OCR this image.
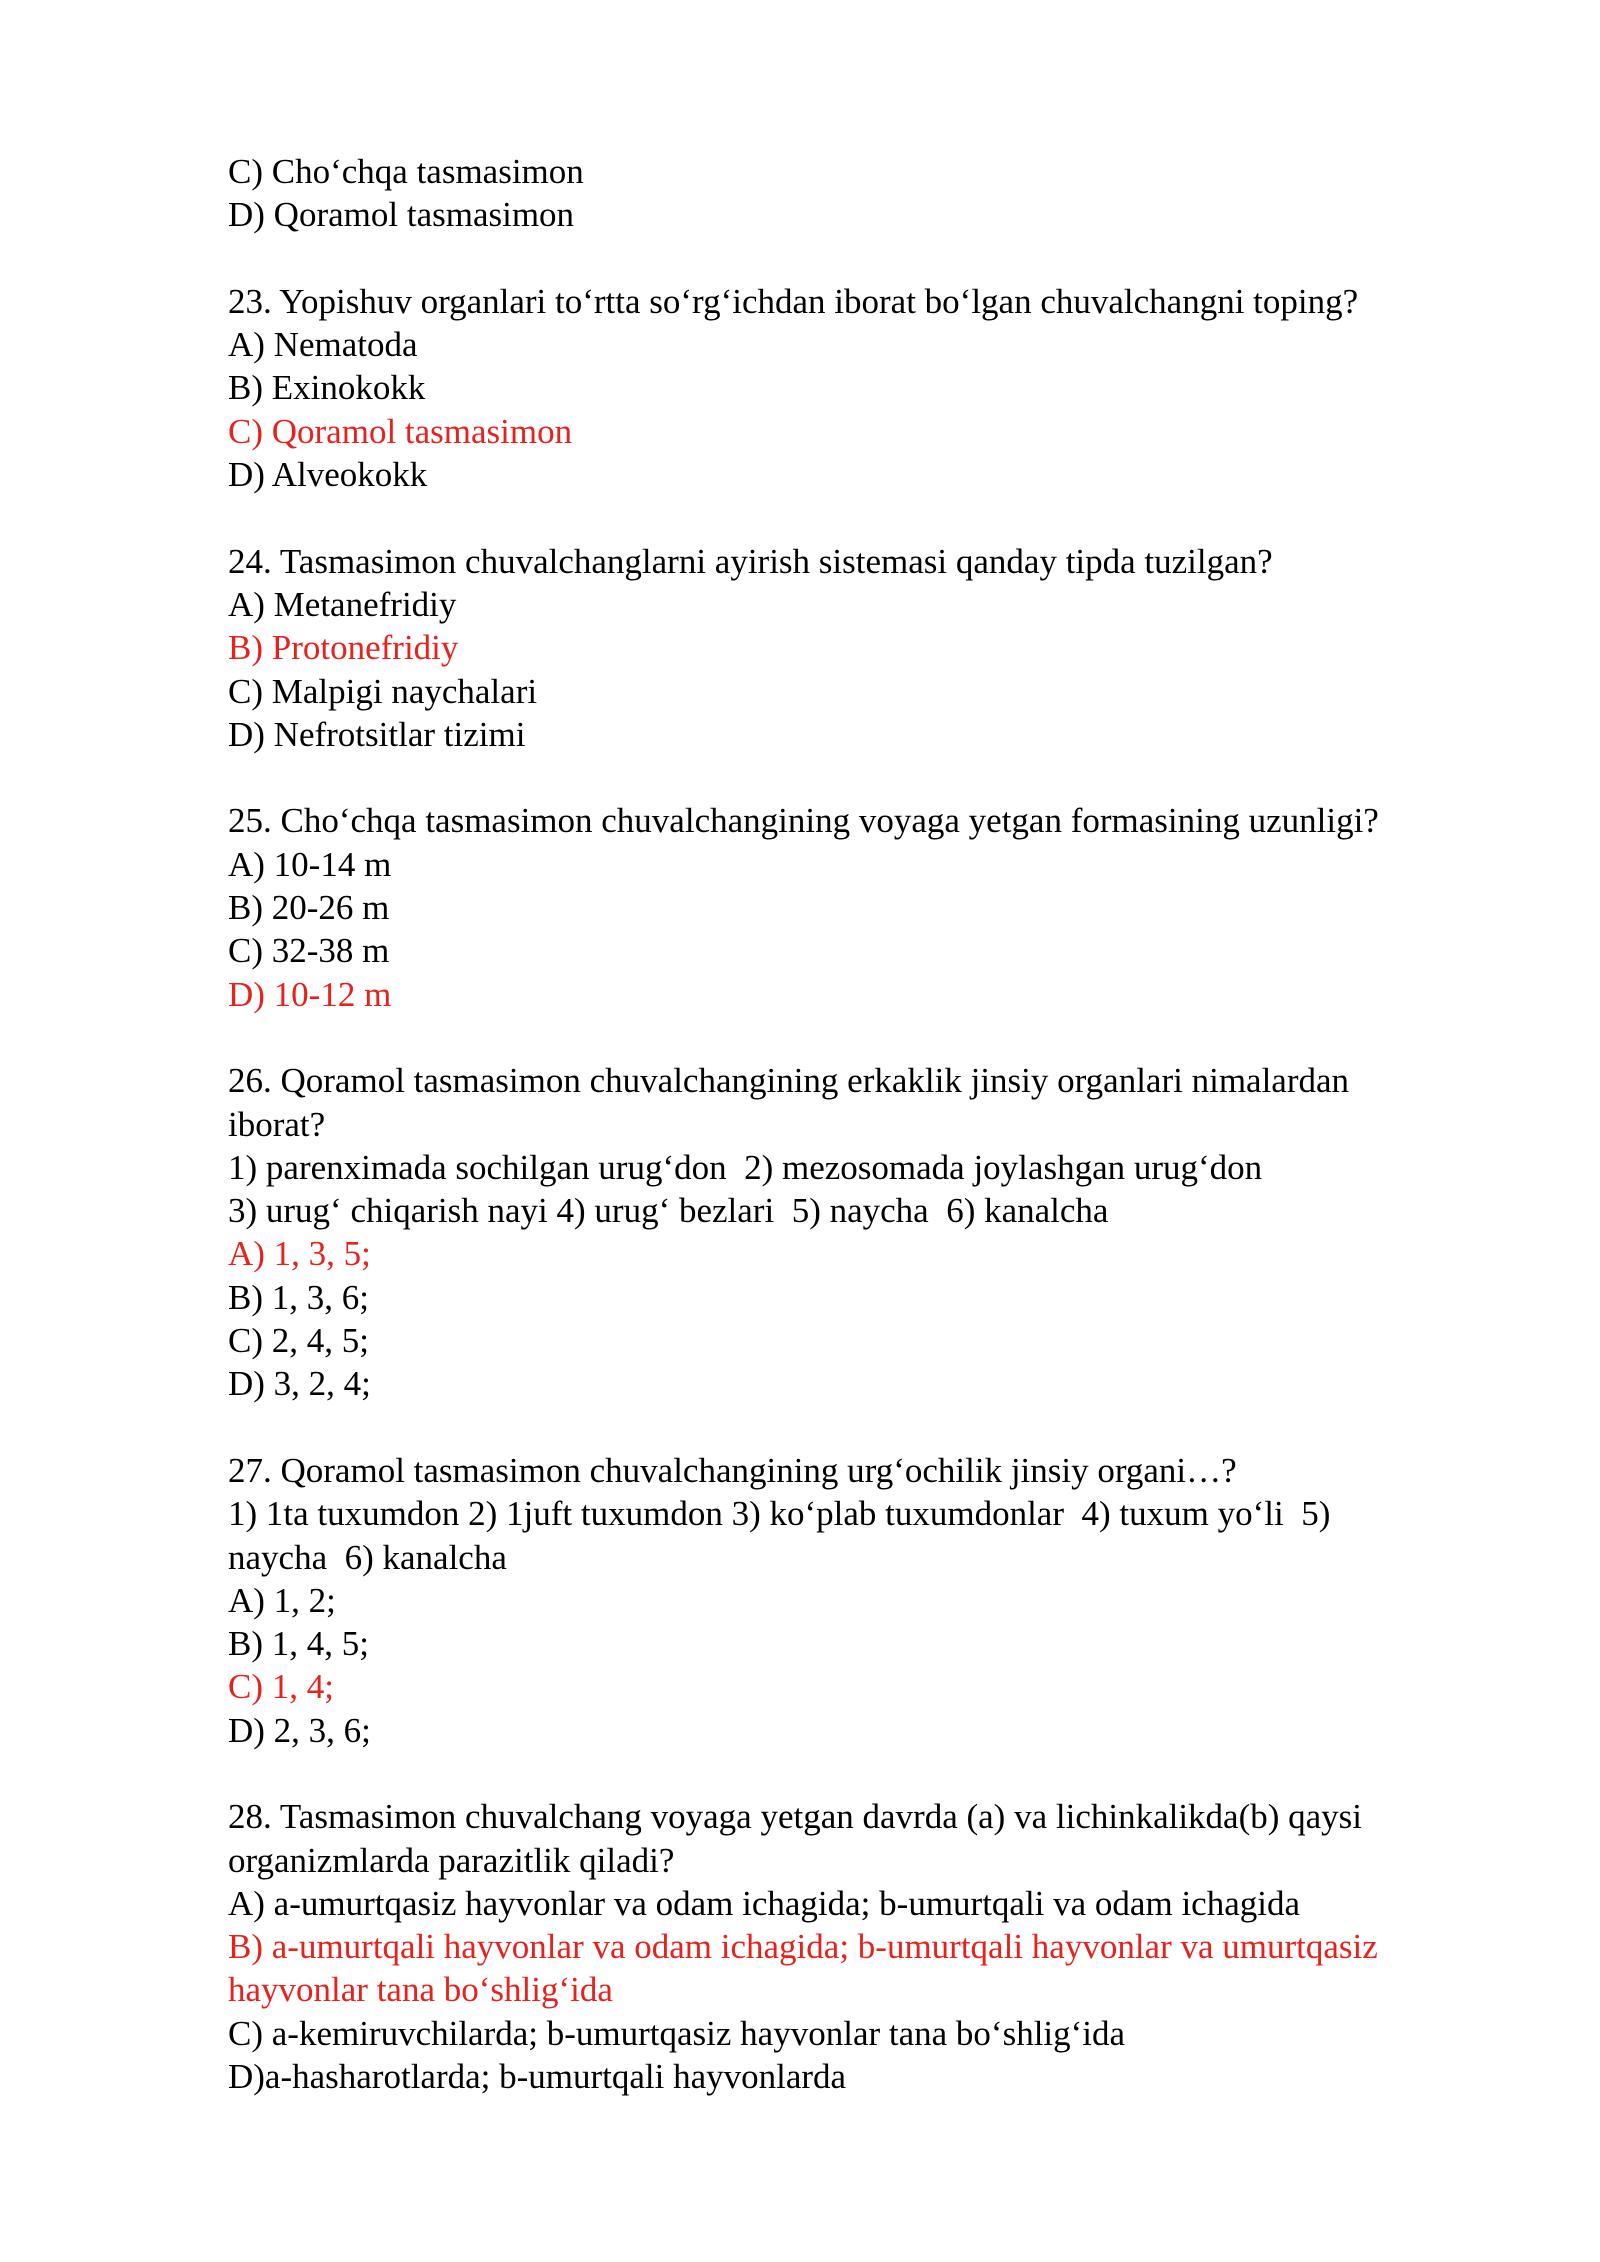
C) Cho‘chqa tasmasimon
D) Qoramol tasmasimon
23. Yopishuv organlari to‘rtta so‘rg‘ichdan iborat bo‘lgan chuvalchangni toping?
A) Nematoda
B) Exinokokk
C) Qoramol tasmasimon
D) Alveokokk
24. Tasmasimon chuvalchanglarni ayirish sistemasi qanday tipda tuzilgan?
A) Metanefridiy
B) Protonefridiy
C) Malpigi naychalari
D) Nefrotsitlar tizimi
25. Cho‘chqa tasmasimon chuvalchangining voyaga yetgan formasining uzunligi?
A) 10-14 m
B) 20-26 m
C) 32-38 m
D) 10-12 m
26. Qoramol tasmasimon chuvalchangining erkaklik jinsiy organlari nimalardan
iborat?
1) parenximada sochilgan urug‘don  2) mezosomada joylashgan urug‘don
3) urug‘ chiqarish nayi 4) urug‘ bezlari  5) naycha  6) kanalcha
A) 1, 3, 5;
B) 1, 3, 6;
C) 2, 4, 5;
D) 3, 2, 4;
27. Qoramol tasmasimon chuvalchangining urg‘ochilik jinsiy organi…?
1) 1ta tuxumdon 2) 1juft tuxumdon 3) ko‘plab tuxumdonlar  4) tuxum yo‘li  5)
naycha  6) kanalcha
A) 1, 2;
B) 1, 4, 5;
C) 1, 4;
D) 2, 3, 6;
28. Tasmasimon chuvalchang voyaga yetgan davrda (a) va lichinkalikda(b) qaysi
organizmlarda parazitlik qiladi?
A) a-umurtqasiz hayvonlar va odam ichagida; b-umurtqali va odam ichagida
B) a-umurtqali hayvonlar va odam ichagida; b-umurtqali hayvonlar va umurtqasiz
hayvonlar tana bo‘shlig‘ida
C) a-kemiruvchilarda; b-umurtqasiz hayvonlar tana bo‘shlig‘ida
D)a-hasharotlarda; b-umurtqali hayvonlarda
